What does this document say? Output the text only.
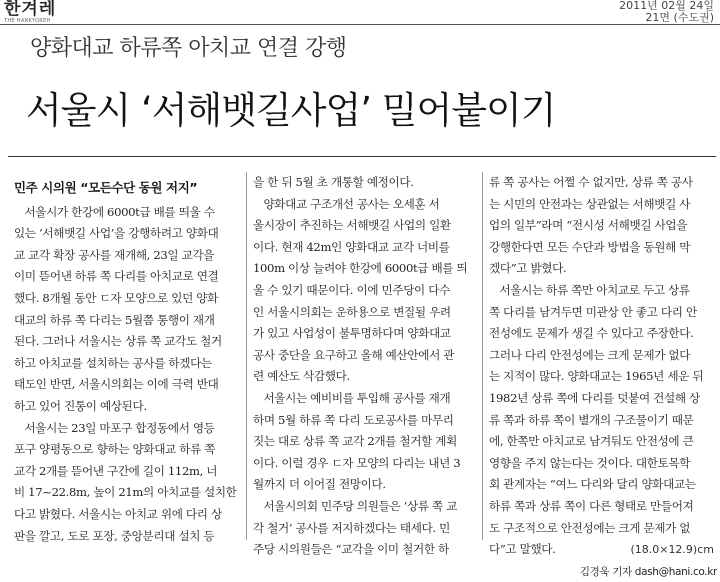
한겨레
THE HANKYOREH
2011년 02월 24일
21면 (수도권)
양화대교 하류쪽 아치교 연결 강행
서울시 ‘서해뱃길사업’ 밀어붙이기
민주 시의원 “모든수단 동원 저지”
서울시가 한강에 6000t급 배를 띄울 수
있는 ‘서해뱃길 사업’을 강행하려고 양화대
교 교각 확장 공사를 재개해, 23일 교각을
이미 뜯어낸 하류 쪽 다리를 아치교로 연결
했다. 8개월 동안 ㄷ자 모양으로 있던 양화
대교의 하류 쪽 다리는 5월쯤 통행이 재개
된다. 그러나 서울시는 상류 쪽 교각도 철거
하고 아치교를 설치하는 공사를 하겠다는
태도인 반면, 서울시의회는 이에 극력 반대
하고 있어 진통이 예상된다.
서울시는 23일 마포구 합정동에서 영등
포구 양평동으로 향하는 양화대교 하류 쪽
교각 2개를 뜯어낸 구간에 길이 112m, 너
비 17~22.8m, 높이 21m의 아치교를 설치한
다고 밝혔다. 서울시는 아치교 위에 다리 상
판을 깔고, 도로 포장, 중앙분리대 설치 등
을 한 뒤 5월 초 개통할 예정이다.
양화대교 구조개선 공사는 오세훈 서
울시장이 추진하는 서해뱃길 사업의 일환
이다. 현재 42m인 양화대교 교각 너비를
100m 이상 늘려야 한강에 6000t급 배를 띄
울 수 있기 때문이다. 이에 민주당이 다수
인 서울시의회는 운하용으로 변질될 우려
가 있고 사업성이 불투명하다며 양화대교
공사 중단을 요구하고 올해 예산안에서 관
련 예산도 삭감했다.
서울시는 예비비를 투입해 공사를 재개
하며 5월 하류 쪽 다리 도로공사를 마무리
짓는 대로 상류 쪽 교각 2개를 철거할 계획
이다. 이럴 경우 ㄷ자 모양의 다리는 내년 3
월까지 더 이어질 전망이다.
서울시의회 민주당 의원들은 ‘상류 쪽 교
각 철거’ 공사를 저지하겠다는 태세다. 민
주당 시의원들은 “교각을 이미 철거한 하
류 쪽 공사는 어쩔 수 없지만, 상류 쪽 공사
는 시민의 안전과는 상관없는 서해뱃길 사
업의 일부”라며 “전시성 서해뱃길 사업을
강행한다면 모든 수단과 방법을 동원해 막
겠다”고 밝혔다.
서울시는 하류 쪽만 아치교로 두고 상류
쪽 다리를 남겨두면 미관상 안 좋고 다리 안
전성에도 문제가 생길 수 있다고 주장한다.
그러나 다리 안전성에는 크게 문제가 없다
는 지적이 많다. 양화대교는 1965년 세운 뒤
1982년 상류 쪽에 다리를 덧붙여 건설해 상
류 쪽과 하류 쪽이 별개의 구조물이기 때문
에, 한쪽만 아치교로 남겨둬도 안전성에 큰
영향을 주지 않는다는 것이다. 대한토목학
회 관계자는 “여느 다리와 달리 양화대교는
하류 쪽과 상류 쪽이 다른 형태로 만들어져
도 구조적으로 안전성에는 크게 문제가 없
다”고 말했다.
김경욱 기자 dash@hani.co.kr
(18.0×12.9)cm
